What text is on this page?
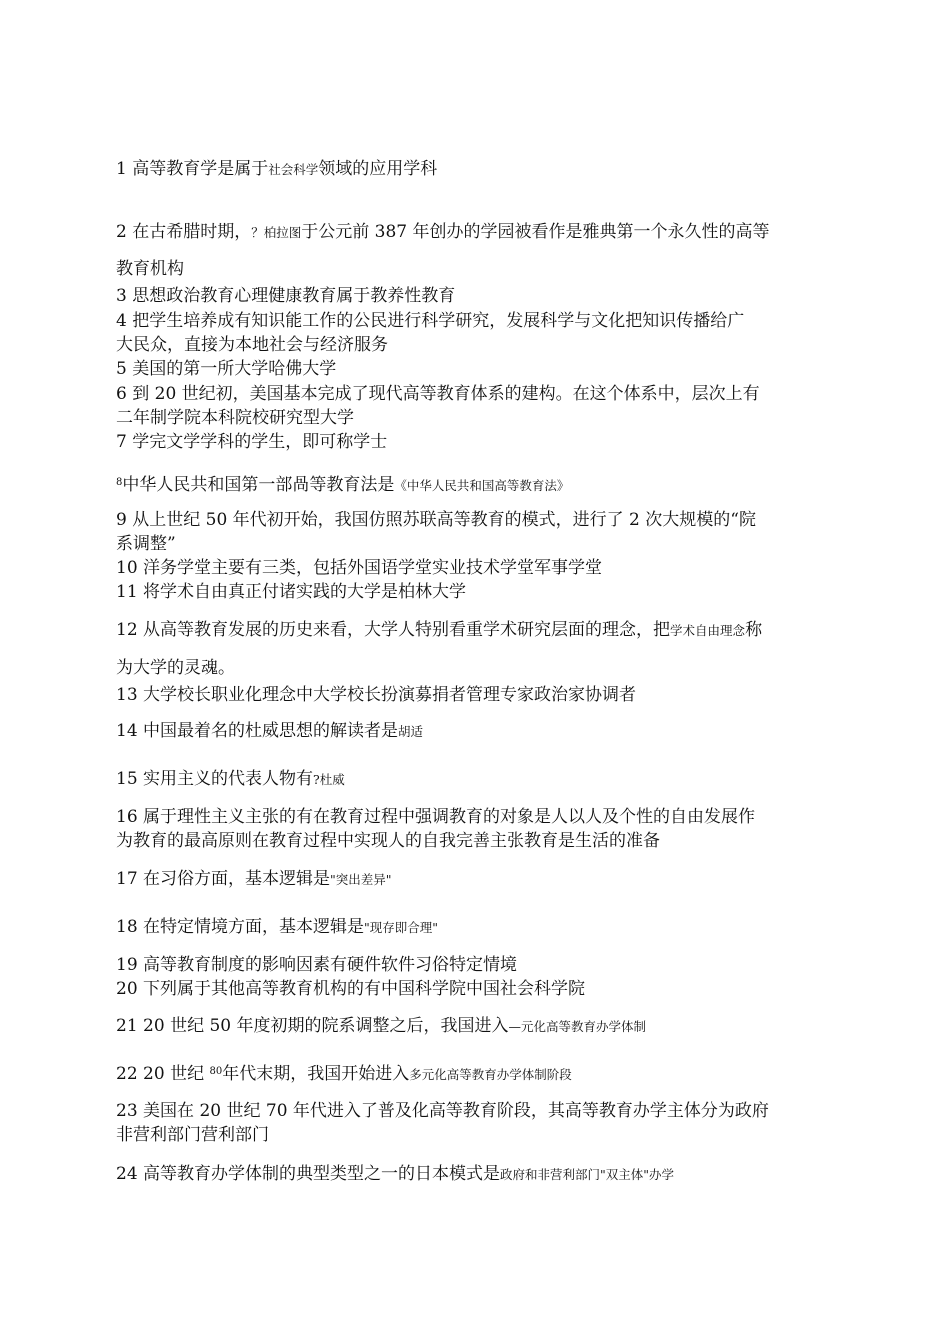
1 高等教育学是属于社会科学领域的应用学科
2 在古希腊时期，？柏拉图于公元前 387 年创办的学园被看作是雅典第一个永久性的高等
教育机构
3 思想政治教育心理健康教育属于教养性教育
4 把学生培养成有知识能工作的公民进行科学研究，发展科学与文化把知识传播给广
大民众，直接为本地社会与经济服务
5 美国的第一所大学哈佛大学
6 到 20 世纪初，美国基本完成了现代高等教育体系的建构。在这个体系中，层次上有
二年制学院本科院校研究型大学
7 学完文学学科的学生，即可称学士
$^8$中华人民共和国第一部咼等教育法是《中华人民共和国高等教育法》
9 从上世纪 50 年代初开始，我国仿照苏联高等教育的模式，进行了 2 次大规模的“院
系调整”
10 洋务学堂主要有三类，包括外国语学堂实业技术学堂军事学堂
11 将学术自由真正付诸实践的大学是柏林大学
12 从高等教育发展的历史来看，大学人特别看重学术研究层面的理念，把学术自由理念称
为大学的灵魂。
13 大学校长职业化理念中大学校长扮演募捐者管理专家政治家协调者
14 中国最着名的杜威思想的解读者是胡适
15 实用主义的代表人物有?杜威
16 属于理性主义主张的有在教育过程中强调教育的对象是人以人及个性的自由发展作
为教育的最高原则在教育过程中实现人的自我完善主张教育是生活的准备
17 在习俗方面，基本逻辑是"突出差异"
18 在特定情境方面，基本逻辑是"现存即合理"
19 高等教育制度的影响因素有硬件软件习俗特定情境
20 下列属于其他高等教育机构的有中国科学院中国社会科学院
21 20 世纪 50 年度初期的院系调整之后，我国进入—元化高等教育办学体制
22 20 世纪 $^{80}$年代末期，我国开始进入多元化高等教育办学体制阶段
23 美国在 20 世纪 70 年代进入了普及化高等教育阶段，其高等教育办学主体分为政府
非营利部门营利部门
24 高等教育办学体制的典型类型之一的日本模式是政府和非营利部门"双主体"办学
